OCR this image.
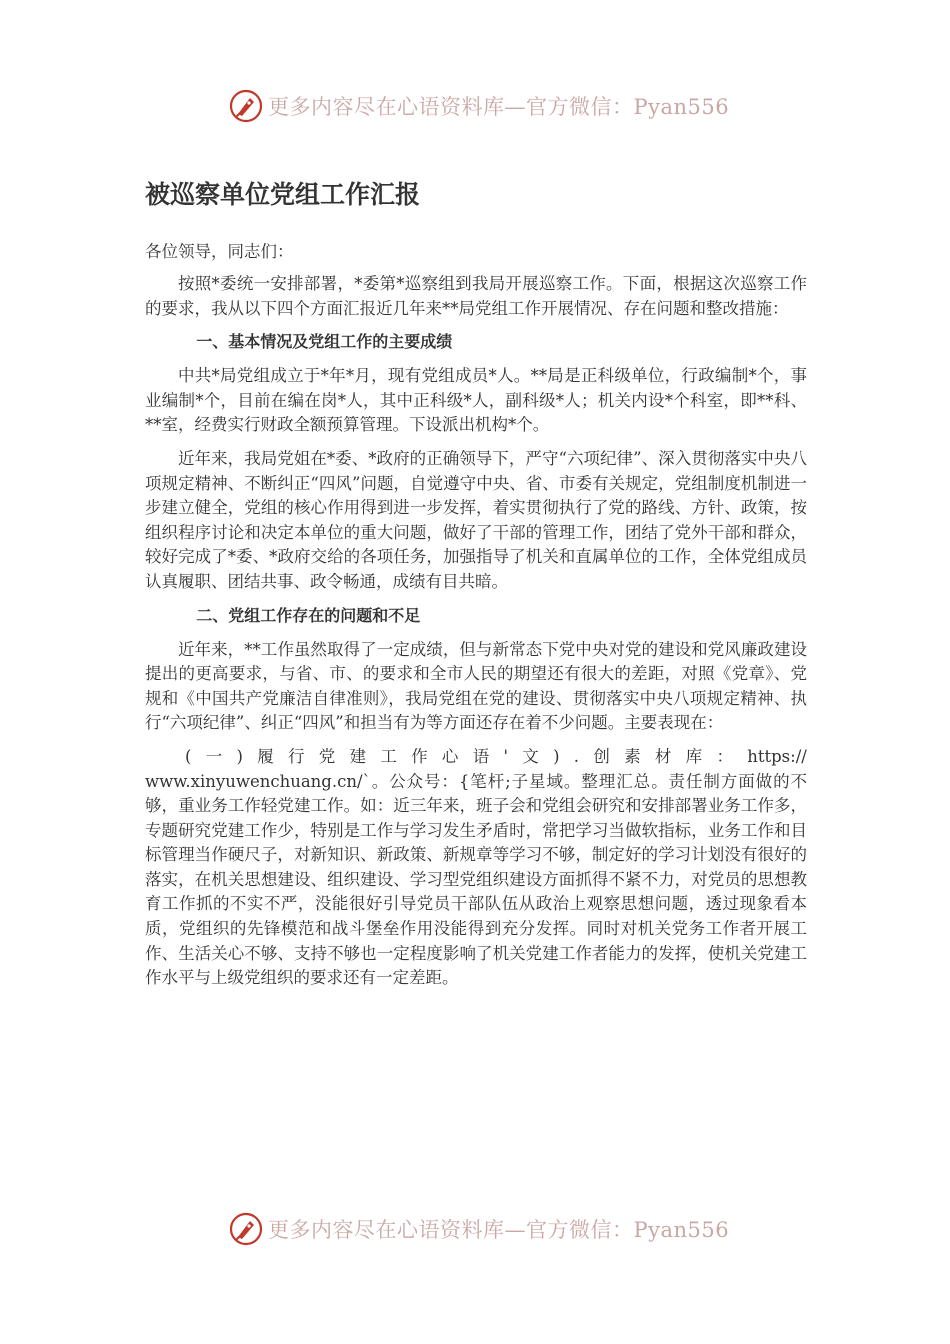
更多内容尽在心语资料库—官方微信：Pyan556
被巡察单位党组工作汇报
各位领导，同志们：

按照*委统一安排部署，*委第*巡察组到我局开展巡察工作。下面，根据这次巡察工作的要求，我从以下四个方面汇报近几年来**局党组工作开展情况、存在问题和整改措施：

一、基本情况及党组工作的主要成绩

中共*局党组成立于*年*月，现有党组成员*人。**局是正科级单位，行政编制*个，事业编制*个，目前在编在岗*人，其中正科级*人，副科级*人；机关内设*个科室，即**科、**室，经费实行财政全额预算管理。下设派出机构*个。

近年来，我局党姐在*委、*政府的正确领导下，严守“六项纪律”、深入贯彻落实中央八项规定精神、不断纠正“四风”问题，自觉遵守中央、省、市委有关规定，党组制度机制进一步建立健全，党组的核心作用得到进一步发挥，着实贯彻执行了党的路线、方针、政策，按组织程序讨论和决定本单位的重大问题，做好了干部的管理工作，团结了党外干部和群众，较好完成了*委、*政府交给的各项任务，加强指导了机关和直属单位的工作，全体党组成员认真履职、团结共事、政令畅通，成绩有目共暗。

二、党组工作存在的问题和不足

近年来，**工作虽然取得了一定成绩，但与新常态下党中央对党的建设和党风廉政建设提出的更高要求，与省、市、的要求和全市人民的期望还有很大的差距，对照《党章》、党规和《中国共产党廉洁自律准则》，我局党组在党的建设、贯彻落实中央八项规定精神、执行“六项纪律”、纠正“四风”和担当有为等方面还存在着不少问题。主要表现在：

( 一 ) 履 行 党 建 工 作 心 语 ' 文 ) . 创 素 材 库 ： https://

www.xinyuwenchuang.cn/`。公众号：{笔杆;子星域。整理汇总。责任制方面做的不够，重业务工作轻党建工作。如：近三年来，班子会和党组会研究和安排部署业务工作多，专题研究党建工作少，特别是工作与学习发生矛盾时，常把学习当做软指标，业务工作和目标管理当作硬尺子，对新知识、新政策、新规章等学习不够，制定好的学习计划没有很好的落实，在机关思想建设、组织建设、学习型党组织建设方面抓得不紧不力，对党员的思想教育工作抓的不实不严，没能很好引导党员干部队伍从政治上观察思想问题，透过现象看本质，党组织的先锋模范和战斗堡垒作用没能得到充分发挥。同时对机关党务工作者开展工作、生活关心不够、支持不够也一定程度影响了机关党建工作者能力的发挥，使机关党建工作水平与上级党组织的要求还有一定差距。

更多内容尽在心语资料库—官方微信：Pyan556
